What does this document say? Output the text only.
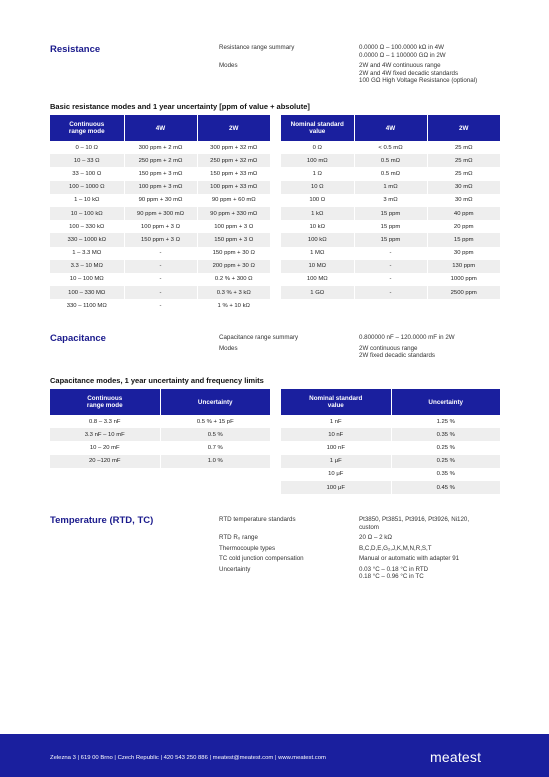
Resistance	Resistance range summary	0.0000 Ω – 100.0000 kΩ in 4W
0.0000 Ω – 1 100000 GΩ in 2W
Modes	2W and 4W continuous range
2W and 4W fixed decadic standards
100 GΩ High Voltage Resistance (optional)
Basic resistance modes and 1 year uncertainty [ppm of value + absolute]
Continuous range mode	4W	2W
0 – 10 Ω	300 ppm + 2 mΩ	300 ppm + 32 mΩ
10 – 33 Ω	250 ppm + 2 mΩ	250 ppm + 32 mΩ
33 – 100 Ω	150 ppm + 3 mΩ	150 ppm + 33 mΩ
100 – 1000 Ω	100 ppm + 3 mΩ	100 ppm + 33 mΩ
1 – 10 kΩ	90 ppm + 30 mΩ	90 ppm + 60 mΩ
10 – 100 kΩ	90 ppm + 300 mΩ	90 ppm + 330 mΩ
100 – 330 kΩ	100 ppm + 3 Ω	100 ppm + 3 Ω
330 – 1000 kΩ	150 ppm + 3 Ω	150 ppm + 3 Ω
1 – 3.3 MΩ	-	150 ppm + 30 Ω
3.3 – 10 MΩ	-	200 ppm + 30 Ω
10 – 100 MΩ	-	0.2 % + 300 Ω
100 – 330 MΩ	-	0.3 % + 3 kΩ
330 – 1100 MΩ	-	1 % + 10 kΩ
Nominal standard value	4W	2W
0 Ω	< 0.5 mΩ	25 mΩ
100 mΩ	0.5 mΩ	25 mΩ
1 Ω	0.5 mΩ	25 mΩ
10 Ω	1 mΩ	30 mΩ
100 Ω	3 mΩ	30 mΩ
1 kΩ	15 ppm	40 ppm
10 kΩ	15 ppm	20 ppm
100 kΩ	15 ppm	15 ppm
1 MΩ	-	30 ppm
10 MΩ	-	130 ppm
100 MΩ	-	1000 ppm
1 GΩ	-	2500 ppm
Capacitance	Capacitance range summary	0.800000 nF – 120.0000 mF in 2W
Modes	2W continuous range
2W fixed decadic standards
Capacitance modes, 1 year uncertainty and frequency limits
Continuous range mode	Uncertainty
0.8 – 3.3 nF	0.5 % + 15 pF
3.3 nF – 10 mF	0.5 %
10 – 20 mF	0.7 %
20 –120 mF	1.0 %
Nominal standard value	Uncertainty
1 nF	1.25 %
10 nF	0.35 %
100 nF	0.25 %
1 μF	0.25 %
10 μF	0.35 %
100 μF	0.45 %
Temperature (RTD, TC)	RTD temperature standards	Pt3850, Pt3851, Pt3916, Pt3926, Ni120,
custom
RTD R₀ range	20 Ω – 2 kΩ
Thermocouple types	B,C,D,E,G₂,J,K,M,N,R,S,T
TC cold junction compensation	Manual or automatic with adapter 91
Uncertainty	0.03 °C – 0.18 °C in RTD
0.18 °C – 0.96 °C in TC
Zelezna 3 | 619 00 Brno | Czech Republic | 420 543 250 886 | meatest@meatest.com | www.meatest.com	meatest
